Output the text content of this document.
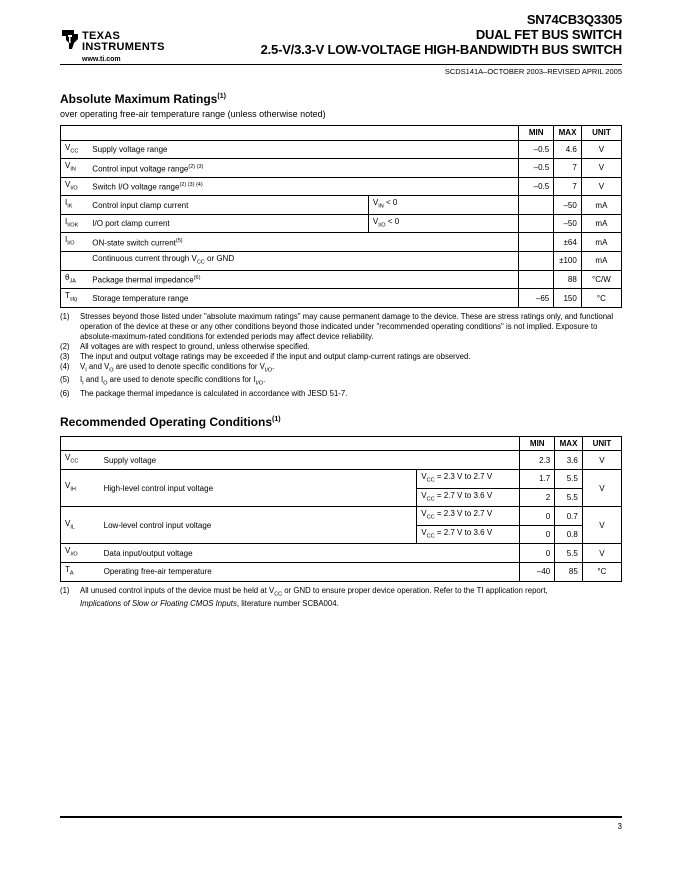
TEXAS
INSTRUMENTS
www.ti.com
SN74CB3Q3305
DUAL FET BUS SWITCH
2.5-V/3.3-V LOW-VOLTAGE HIGH-BANDWIDTH BUS SWITCH
SCDS141A–OCTOBER 2003–REVISED APRIL 2005
Absolute Maximum Ratings$^{(1)}$
over operating free-air temperature range (unless otherwise noted)
			MIN	MAX	UNIT
$V_{CC}$	Supply voltage range		–0.5	4.6	V
$V_{IN}$	Control input voltage range$^{(2) (3)}$		–0.5	7	V
$V_{I/O}$	Switch I/O voltage range$^{(2) (3) (4)}$		–0.5	7	V
$I_{IK}$	Control input clamp current	$V_{IN} < 0$		–50	mA
$I_{I/OK}$	I/O port clamp current	$V_{I/O} < 0$		–50	mA
$I_{I/O}$	ON-state switch current$^{(5)}$			±64	mA
	Continuous current through $V_{CC}$ or GND			±100	mA
$\theta_{JA}$	Package thermal impedance$^{(6)}$			88	°C/W
$T_{stg}$	Storage temperature range		–65	150	°C
(1)	Stresses beyond those listed under "absolute maximum ratings" may cause permanent damage to the device. These are stress ratings only, and functional operation of the device at these or any other conditions beyond those indicated under "recommended operating conditions" is not implied. Exposure to absolute-maximum-rated conditions for extended periods may affect device reliability.
(2)	All voltages are with respect to ground, unless otherwise specified.
(3)	The input and output voltage ratings may be exceeded if the input and output clamp-current ratings are observed.
(4)	$V_I$ and $V_O$ are used to denote specific conditions for $V_{I/O}$.
(5)	$I_I$ and $I_O$ are used to denote specific conditions for $I_{I/O}$.
(6)	The package thermal impedance is calculated in accordance with JESD 51-7.
Recommended Operating Conditions$^{(1)}$
			MIN	MAX	UNIT
$V_{CC}$	Supply voltage		2.3	3.6	V
$V_{IH}$	High-level control input voltage	$V_{CC} = 2.3$ V to 2.7 V	1.7	5.5	V
		$V_{CC} = 2.7$ V to 3.6 V	2	5.5	
$V_{IL}$	Low-level control input voltage	$V_{CC} = 2.3$ V to 2.7 V	0	0.7	V
		$V_{CC} = 2.7$ V to 3.6 V	0	0.8	
$V_{I/O}$	Data input/output voltage		0	5.5	V
$T_A$	Operating free-air temperature		–40	85	°C
(1)	All unused control inputs of the device must be held at $V_{CC}$ or GND to ensure proper device operation. Refer to the TI application report,
Implications of Slow or Floating CMOS Inputs, literature number SCBA004.
3
